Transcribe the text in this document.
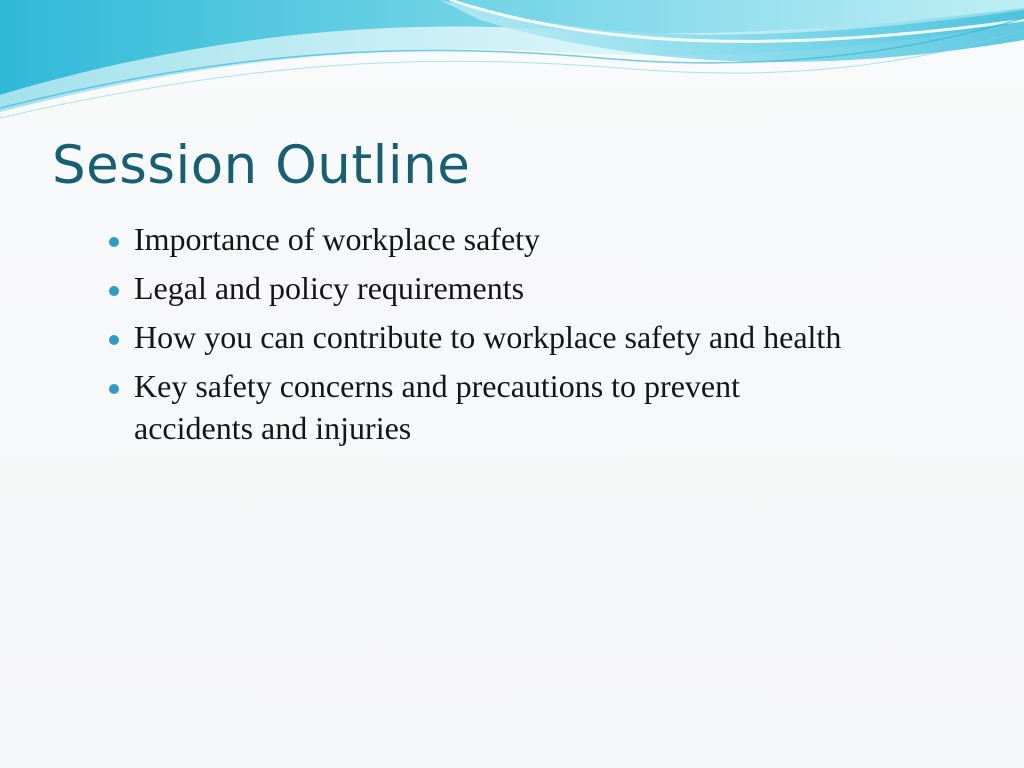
Session Outline
Importance of workplace safety
Legal and policy requirements
How you can contribute to workplace safety and health
Key safety concerns and precautions to prevent accidents and injuries
